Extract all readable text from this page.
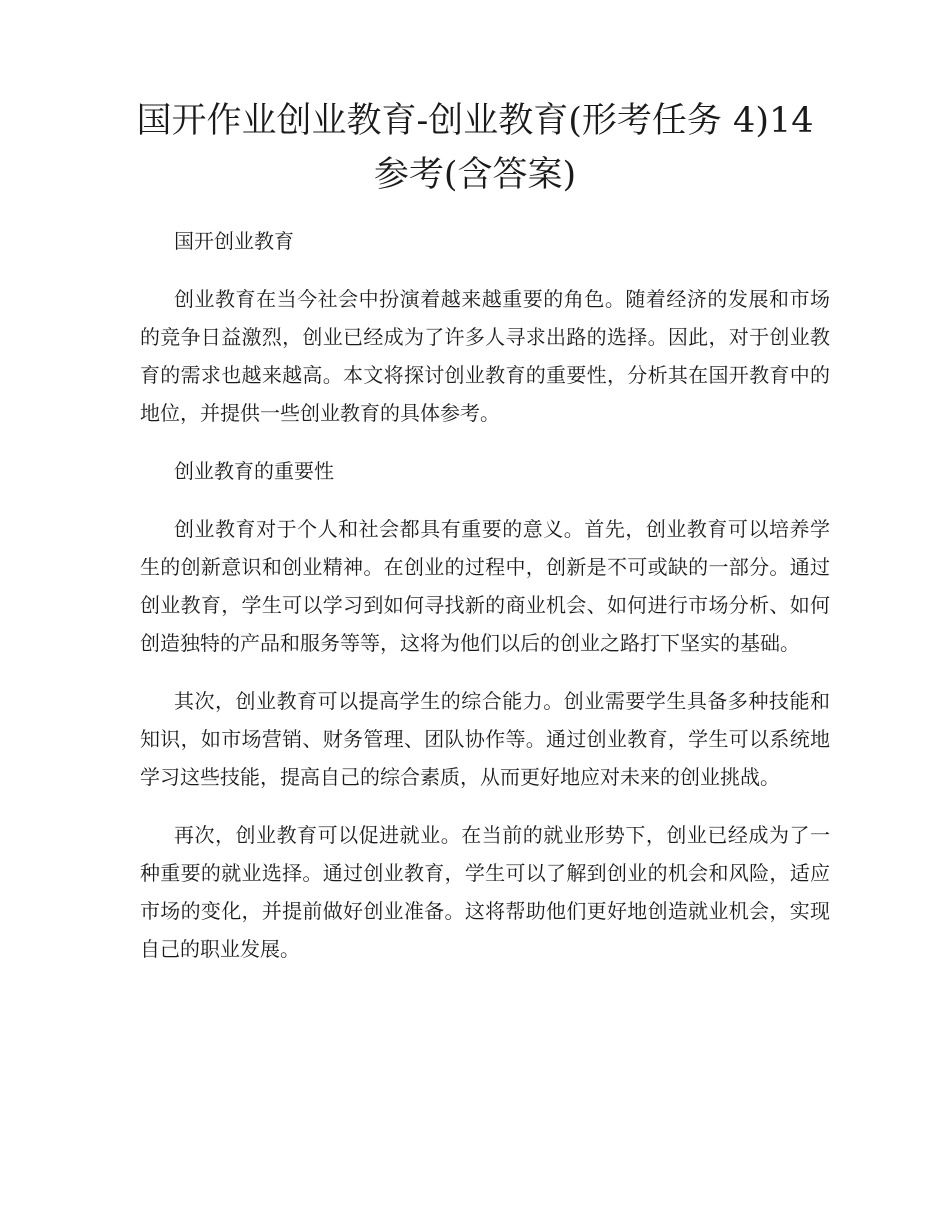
国开作业创业教育-创业教育(形考任务 4)14 参考(含答案)

国开创业教育

创业教育在当今社会中扮演着越来越重要的角色。随着经济的发展和市场的竞争日益激烈，创业已经成为了许多人寻求出路的选择。因此，对于创业教育的需求也越来越高。本文将探讨创业教育的重要性，分析其在国开教育中的地位，并提供一些创业教育的具体参考。

创业教育的重要性

创业教育对于个人和社会都具有重要的意义。首先，创业教育可以培养学生的创新意识和创业精神。在创业的过程中，创新是不可或缺的一部分。通过创业教育，学生可以学习到如何寻找新的商业机会、如何进行市场分析、如何创造独特的产品和服务等等，这将为他们以后的创业之路打下坚实的基础。

其次，创业教育可以提高学生的综合能力。创业需要学生具备多种技能和知识，如市场营销、财务管理、团队协作等。通过创业教育，学生可以系统地学习这些技能，提高自己的综合素质，从而更好地应对未来的创业挑战。

再次，创业教育可以促进就业。在当前的就业形势下，创业已经成为了一种重要的就业选择。通过创业教育，学生可以了解到创业的机会和风险，适应市场的变化，并提前做好创业准备。这将帮助他们更好地创造就业机会，实现自己的职业发展。
